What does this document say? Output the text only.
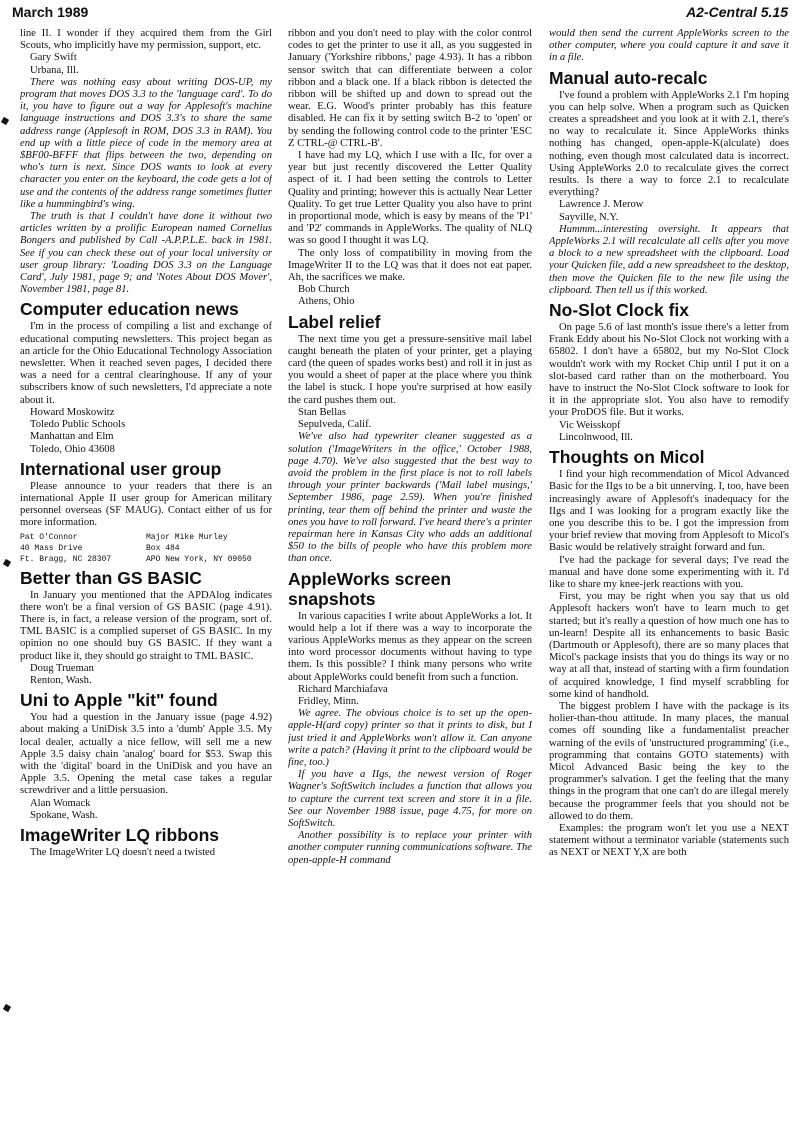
March 1989	A2-Central 5.15

line II. I wonder if they acquired them from the Girl Scouts, who implicitly have my permission, support, etc.

Gary Swift

Urbana, Ill.

There was nothing easy about writing DOS-UP, my program that moves DOS 3.3 to the 'language card'. To do it, you have to figure out a way for Applesoft's machine language instructions and DOS 3.3's to share the same address range (Applesoft in ROM, DOS 3.3 in RAM). You end up with a little piece of code in the memory area at $BF00-BFFF that flips between the two, depending on who's turn is next. Since DOS wants to look at every character you enter on the keyboard, the code gets a lot of use and the contents of the address range sometimes flutter like a hummingbird's wing.

The truth is that I couldn't have done it without two articles written by a prolific European named Cornelius Bongers and published by Call -A.P.P.L.E. back in 1981. See if you can check these out of your local university or user group library: 'Loading DOS 3.3 on the Language Card', July 1981, page 9; and 'Notes About DOS Mover', November 1981, page 81.

Computer education news

I'm in the process of compiling a list and exchange of educational computing newsletters. This project began as an article for the Ohio Educational Technology Association newsletter. When it reached seven pages, I decided there was a need for a central clearinghouse. If any of your subscribers know of such newsletters, I'd appreciate a note about it.

Howard Moskowitz

Toledo Public Schools

Manhattan and Elm

Toledo, Ohio 43608

International user group

Please announce to your readers that there is an international Apple II user group for American military personnel overseas (SF MAUG). Contact either of us for more information.

Pat O'Connor	Major Mike Murley
40 Mass Drive	Box 484
Ft. Bragg, NC 28307	APO New York, NY 09050
Better than GS BASIC

In January you mentioned that the APDAlog indicates there won't be a final version of GS BASIC (page 4.91). There is, in fact, a release version of the program, sort of. TML BASIC is a complied superset of GS BASIC. In my opinion no one should buy GS BASIC. If they want a product like it, they should go straight to TML BASIC.

Doug Trueman

Renton, Wash.

Uni to Apple "kit" found

You had a question in the January issue (page 4.92) about making a UniDisk 3.5 into a 'dumb' Apple 3.5. My local dealer, actually a nice fellow, will sell me a new Apple 3.5 daisy chain 'analog' board for $53. Swap this with the 'digital' board in the UniDisk and you have an Apple 3.5. Opening the metal case takes a regular screwdriver and a little persuasion.

Alan Womack

Spokane, Wash.

ImageWriter LQ ribbons

The ImageWriter LQ doesn't need a twisted

ribbon and you don't need to play with the color control codes to get the printer to use it all, as you suggested in January ('Yorkshire ribbons,' page 4.93). It has a ribbon sensor switch that can differentiate between a color ribbon and a black one. If a black ribbon is detected the ribbon will be shifted up and down to spread out the wear. E.G. Wood's printer probably has this feature disabled. He can fix it by setting switch B-2 to 'open' or by sending the following control code to the printer 'ESC Z CTRL-@ CTRL-B'.

I have had my LQ, which I use with a IIc, for over a year but just recently discovered the Letter Quality aspect of it. I had been setting the controls to Letter Quality and printing; however this is actually Near Letter Quality. To get true Letter Quality you also have to print in proportional mode, which is easy by means of the 'P1' and 'P2' commands in AppleWorks. The quality of NLQ was so good I thought it was LQ.

The only loss of compatibility in moving from the ImageWriter II to the LQ was that it does not eat paper. Ah, the sacrifices we make.

Bob Church

Athens, Ohio

Label relief

The next time you get a pressure-sensitive mail label caught beneath the platen of your printer, get a playing card (the queen of spades works best) and roll it in just as you would a sheet of paper at the place where you think the label is stuck. I hope you're surprised at how easily the card pushes them out.

Stan Bellas

Sepulveda, Calif.

We've also had typewriter cleaner suggested as a solution ('ImageWriters in the office,' October 1988, page 4.70). We've also suggested that the best way to avoid the problem in the first place is not to roll labels through your printer backwards ('Mail label musings,' September 1986, page 2.59). When you're finished printing, tear them off behind the printer and waste the ones you have to roll forward. I've heard there's a printer repairman here in Kansas City who adds an additional $50 to the bills of people who have this problem more than once.

AppleWorks screen snapshots

In various capacities I write about AppleWorks a lot. It would help a lot if there was a way to incorporate the various AppleWorks menus as they appear on the screen into word processor documents without having to type them. Is this possible? I think many persons who write about AppleWorks could benefit from such a function.

Richard Marchiafava

Fridley, Minn.

We agree. The obvious choice is to set up the open-apple-H(ard copy) printer so that it prints to disk, but I just tried it and AppleWorks won't allow it. Can anyone write a patch? (Having it print to the clipboard would be fine, too.)

If you have a IIgs, the newest version of Roger Wagner's SoftSwitch includes a function that allows you to capture the current text screen and store it in a file. See our November 1988 issue, page 4.75, for more on SoftSwitch.

Another possibility is to replace your printer with another computer running communications software. The open-apple-H command

would then send the current AppleWorks screen to the other computer, where you could capture it and save it in a file.

Manual auto-recalc

I've found a problem with AppleWorks 2.1 I'm hoping you can help solve. When a program such as Quicken creates a spreadsheet and you look at it with 2.1, there's no way to recalculate it. Since AppleWorks thinks nothing has changed, open-apple-K(alculate) does nothing, even though most calculated data is incorrect. Using AppleWorks 2.0 to recalculate gives the correct results. Is there a way to force 2.1 to recalculate everything?

Lawrence J. Merow

Sayville, N.Y.

Hummm...interesting oversight. It appears that AppleWorks 2.1 will recalculate all cells after you move a block to a new spreadsheet with the clipboard. Load your Quicken file, add a new spreadsheet to the desktop, then move the Quicken file to the new file using the clipboard. Then tell us if this worked.

No-Slot Clock fix

On page 5.6 of last month's issue there's a letter from Frank Eddy about his No-Slot Clock not working with a 65802. I don't have a 65802, but my No-Slot Clock wouldn't work with my Rocket Chip until I put it on a slot-based card rather than on the motherboard. You have to instruct the No-Slot Clock software to look for it in the appropriate slot. You also have to remodify your ProDOS file. But it works.

Vic Weisskopf

Lincolnwood, Ill.

Thoughts on Micol

I find your high recommendation of Micol Advanced Basic for the IIgs to be a bit unnerving. I, too, have been increasingly aware of Applesoft's inadequacy for the IIgs and I was looking for a program exactly like the one you describe this to be. I got the impression from your brief review that moving from Applesoft to Micol's Basic would be relatively straight forward and fun.

I've had the package for several days; I've read the manual and have done some experimenting with it. I'd like to share my knee-jerk reactions with you.

First, you may be right when you say that us old Applesoft hackers won't have to learn much to get started; but it's really a question of how much one has to un-learn! Despite all its enhancements to basic Basic (Dartmouth or Applesoft), there are so many places that Micol's package insists that you do things its way or no way at all that, instead of starting with a firm foundation of acquired knowledge, I find myself scrabbling for some kind of handhold.

The biggest problem I have with the package is its holier-than-thou attitude. In many places, the manual comes off sounding like a fundamentalist preacher warning of the evils of 'unstructured programming' (i.e., programming that contains GOTO statements) with Micol Advanced Basic being the key to the programmer's salvation. I get the feeling that the many things in the program that one can't do are illegal merely because the programmer feels that you should not be allowed to do them.

Examples: the program won't let you use a NEXT statement without a terminator variable (statements such as NEXT or NEXT Y,X are both
